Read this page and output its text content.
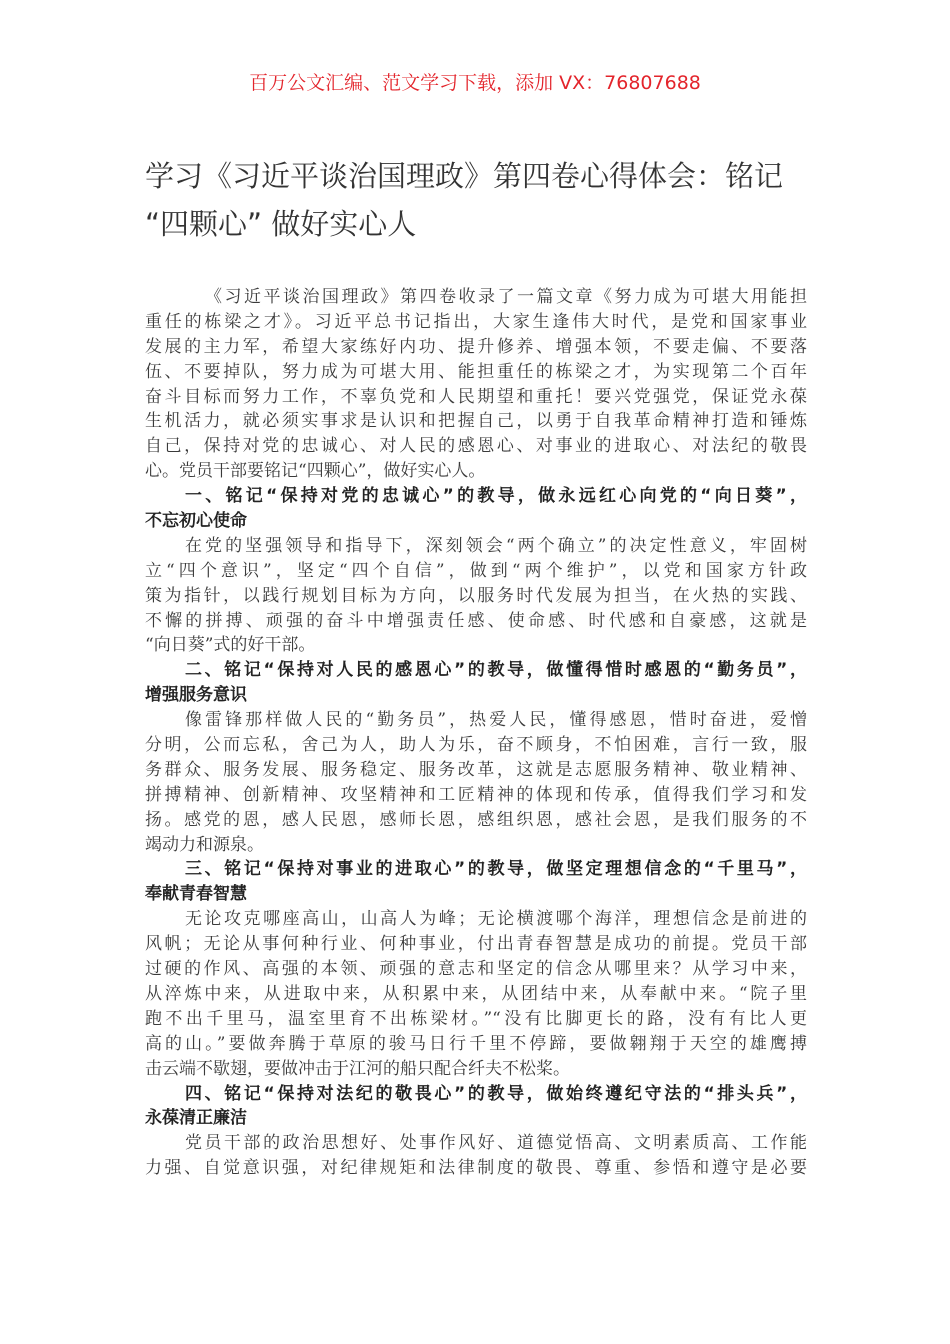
百万公文汇编、范文学习下载，添加 VX：76807688
学习《习近平谈治国理政》第四卷心得体会：铭记
“四颗心” 做好实心人
《习近平谈治国理政》第四卷收录了一篇文章《努力成为可堪大用能担
重任的栋梁之才》。习近平总书记指出，大家生逢伟大时代，是党和国家事业
发展的主力军，希望大家练好内功、提升修养、增强本领，不要走偏、不要落
伍、不要掉队，努力成为可堪大用、能担重任的栋梁之才，为实现第二个百年
奋斗目标而努力工作，不辜负党和人民期望和重托！要兴党强党，保证党永葆
生机活力，就必须实事求是认识和把握自己，以勇于自我革命精神打造和锤炼
自己，保持对党的忠诚心、对人民的感恩心、对事业的进取心、对法纪的敬畏
心。党员干部要铭记“四颗心”，做好实心人。
一、铭记“保持对党的忠诚心”的教导，做永远红心向党的“向日葵”，
不忘初心使命
在党的坚强领导和指导下，深刻领会“两个确立”的决定性意义，牢固树
立“四个意识”，坚定“四个自信”，做到“两个维护”，以党和国家方针政
策为指针，以践行规划目标为方向，以服务时代发展为担当，在火热的实践、
不懈的拼搏、顽强的奋斗中增强责任感、使命感、时代感和自豪感，这就是
“向日葵”式的好干部。
二、铭记“保持对人民的感恩心”的教导，做懂得惜时感恩的“勤务员”，
增强服务意识
像雷锋那样做人民的“勤务员”，热爱人民，懂得感恩，惜时奋进，爱憎
分明，公而忘私，舍己为人，助人为乐，奋不顾身，不怕困难，言行一致，服
务群众、服务发展、服务稳定、服务改革，这就是志愿服务精神、敬业精神、
拼搏精神、创新精神、攻坚精神和工匠精神的体现和传承，值得我们学习和发
扬。感党的恩，感人民恩，感师长恩，感组织恩，感社会恩，是我们服务的不
竭动力和源泉。
三、铭记“保持对事业的进取心”的教导，做坚定理想信念的“千里马”，
奉献青春智慧
无论攻克哪座高山，山高人为峰；无论横渡哪个海洋，理想信念是前进的
风帆；无论从事何种行业、何种事业，付出青春智慧是成功的前提。党员干部
过硬的作风、高强的本领、顽强的意志和坚定的信念从哪里来？从学习中来，
从淬炼中来，从进取中来，从积累中来，从团结中来，从奉献中来。“院子里
跑不出千里马，温室里育不出栋梁材。”“没有比脚更长的路，没有有比人更
高的山。”要做奔腾于草原的骏马日行千里不停蹄，要做翱翔于天空的雄鹰搏
击云端不歇翅，要做冲击于江河的船只配合纤夫不松桨。
四、铭记“保持对法纪的敬畏心”的教导，做始终遵纪守法的“排头兵”，
永葆清正廉洁
党员干部的政治思想好、处事作风好、道德觉悟高、文明素质高、工作能
力强、自觉意识强，对纪律规矩和法律制度的敬畏、尊重、参悟和遵守是必要
